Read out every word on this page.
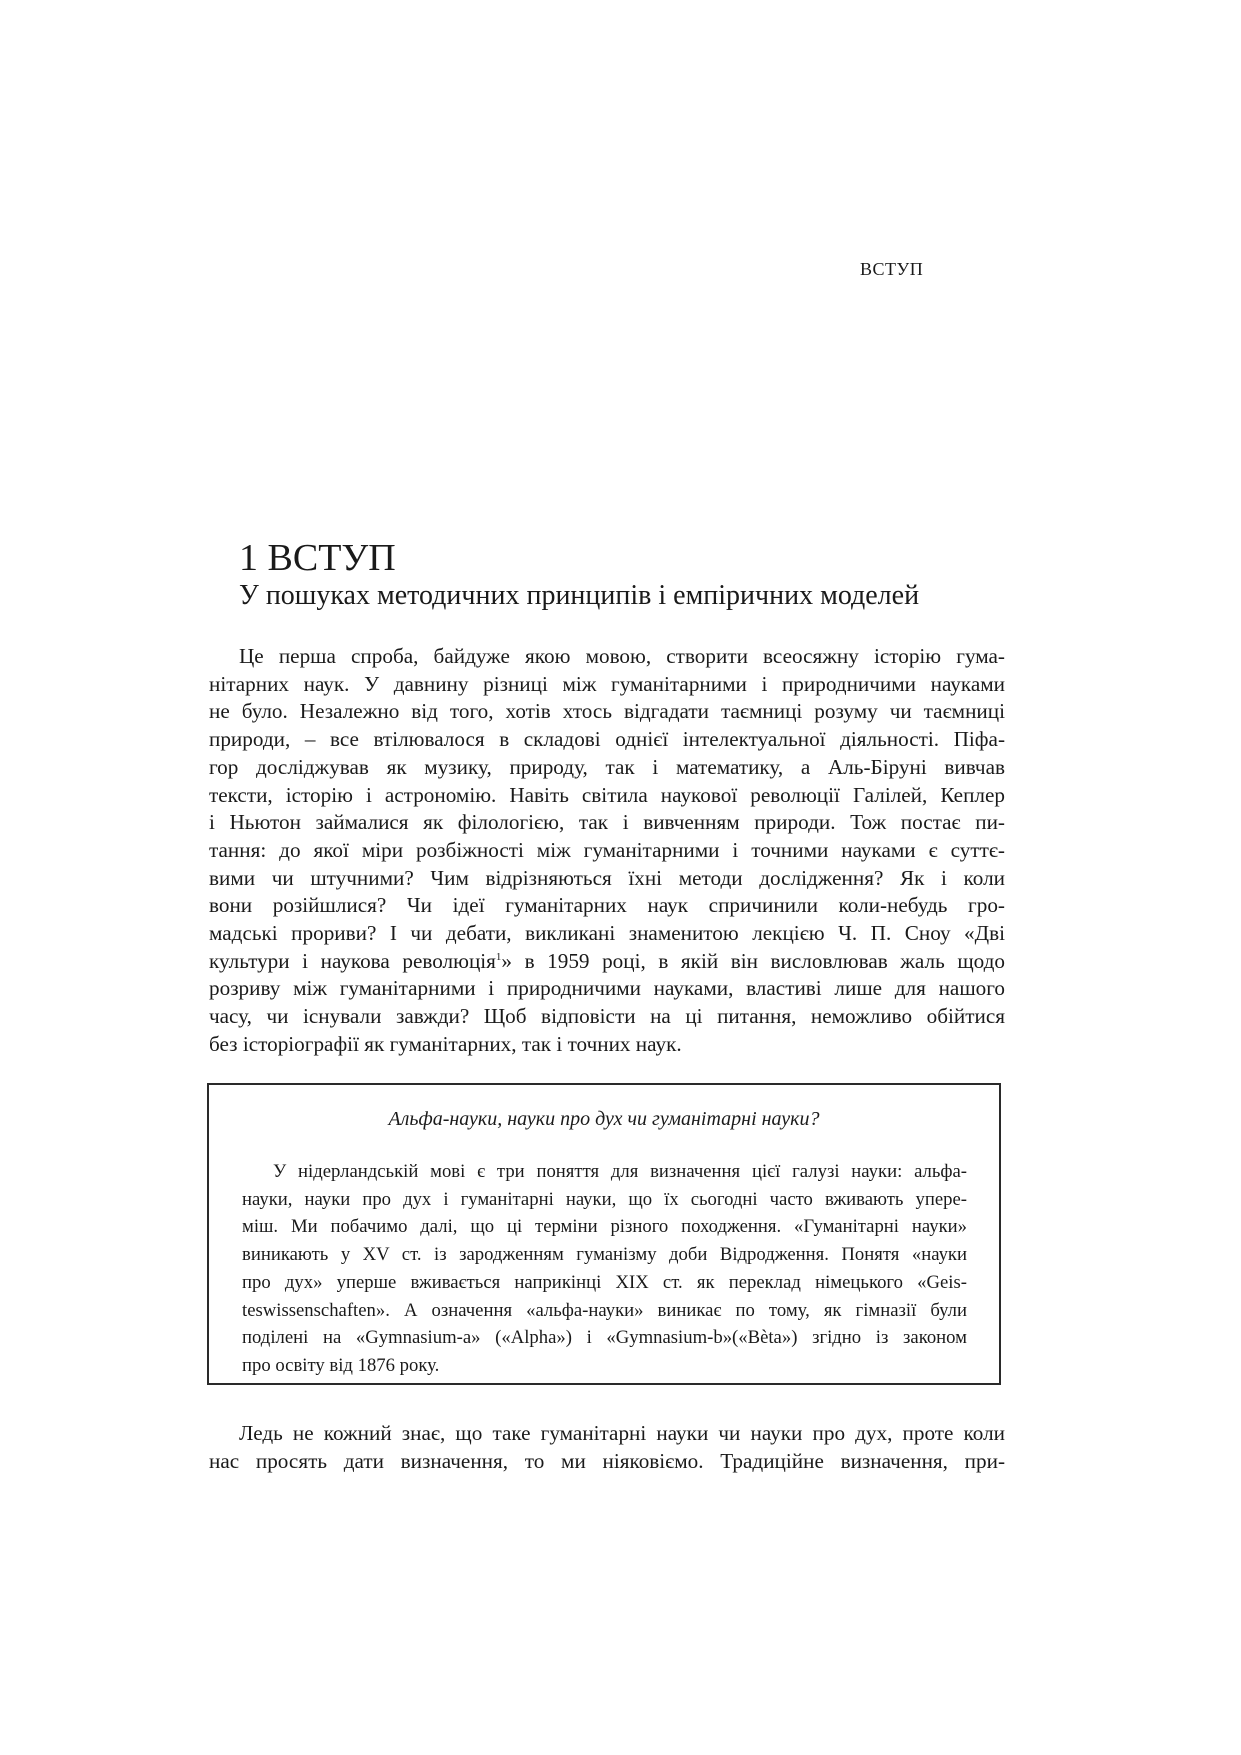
ВСТУП
1 ВСТУП
У пошуках методичних принципів і емпіричних моделей
Це перша спроба, байдуже якою мовою, створити всеосяжну історію гума-
нітарних наук. У давнину різниці між гуманітарними і природничими науками
не було. Незалежно від того, хотів хтось відгадати таємниці розуму чи таємниці
природи, – все втілювалося в складові однієї інтелектуальної діяльності. Піфа-
гор досліджував як музику, природу, так і математику, а Аль-Біруні вивчав
тексти, історію і астрономію. Навіть світила наукової революції Галілей, Кеплер
і Ньютон займалися як філологією, так і вивченням природи. Тож постає пи-
тання: до якої міри розбіжності між гуманітарними і точними науками є суттє-
вими чи штучними? Чим відрізняються їхні методи дослідження? Як і коли
вони розійшлися? Чи ідеї гуманітарних наук спричинили коли-небудь гро-
мадські прориви? І чи дебати, викликані знаменитою лекцією Ч. П. Сноу «Дві
культури і наукова революція$^1$» в 1959 році, в якій він висловлював жаль щодо
розриву між гуманітарними і природничими науками, властиві лише для нашого
часу, чи існували завжди? Щоб відповісти на ці питання, неможливо обійтися
без історіографії як гуманітарних, так і точних наук.
Альфа-науки, науки про дух чи гуманітарні науки?
У нідерландській мові є три поняття для визначення цієї галузі науки: альфа-
науки, науки про дух і гуманітарні науки, що їх сьогодні часто вживають упере-
міш. Ми побачимо далі, що ці терміни різного походження. «Гуманітарні науки»
виникають у XV ст. із зародженням гуманізму доби Відродження. Понятя «науки
про дух» уперше вживається наприкінці XIX ст. як переклад німецького «Geis-
teswissenschaften». А означення «альфа-науки» виникає по тому, як гімназії були
поділені на «Gymnasium-a» («Alpha») і «Gymnasium-b»(«Bèta») згідно із законом
про освіту від 1876 року.
Ледь не кожний знає, що таке гуманітарні науки чи науки про дух, проте коли
нас просять дати визначення, то ми ніяковіємо. Традиційне визначення, при-
